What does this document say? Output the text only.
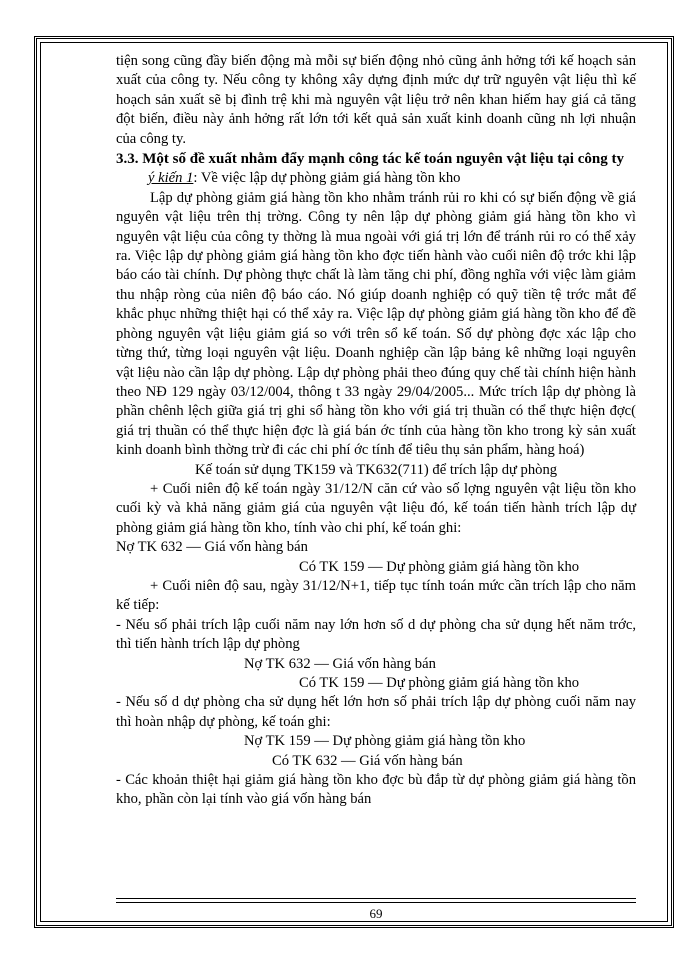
tiện song cũng đầy biến động mà mỗi sự biến động nhỏ cũng ảnh hởng tới kế hoạch sản xuất của công ty. Nếu công ty không xây dựng định mức dự trữ nguyên vật liệu thì kế hoạch sản xuất sẽ bị đình trệ khi mà nguyên vật liệu trở nên khan hiếm hay giá cả tăng đột biến, điều này ảnh hởng rất lớn tới kết quả sản xuất kinh doanh cũng nh lợi nhuận của công ty.

3.3. Một số đề xuất nhằm đẩy mạnh công tác kế toán nguyên vật liệu tại công ty

ý kiến 1: Về việc lập dự phòng giảm giá hàng tồn kho

Lập dự phòng giảm giá hàng tồn kho nhằm tránh rủi ro khi có sự biến động về giá nguyên vật liệu trên thị trờng. Công ty nên lập dự phòng giảm giá hàng tồn kho vì nguyên vật liệu của công ty thờng là mua ngoài với giá trị lớn để tránh rủi ro có thể xảy ra. Việc lập dự phòng giảm giá hàng tồn kho đợc tiến hành vào cuối niên độ trớc khi lập báo cáo tài chính. Dự phòng thực chất là làm tăng chi phí, đồng nghĩa với việc làm giảm thu nhập ròng của niên độ báo cáo. Nó giúp doanh nghiệp có quỹ tiền tệ trớc mắt để khắc phục những thiệt hại có thể xảy ra. Việc lập dự phòng giảm giá hàng tồn kho để đề phòng nguyên vật liệu giảm giá so với trên sổ kế toán. Số dự phòng đợc xác lập cho từng thứ, từng loại nguyên vật liệu. Doanh nghiệp cần lập bảng kê những loại nguyên vật liệu nào cần lập dự phòng. Lập dự phòng phải theo đúng quy chế tài chính hiện hành theo NĐ 129 ngày 03/12/004, thông t 33 ngày 29/04/2005... Mức trích lập dự phòng là phần chênh lệch giữa giá trị ghi sổ hàng tồn kho với giá trị thuần có thể thực hiện đợc( giá trị thuần có thể thực hiện đợc là giá bán ớc tính của hàng tồn kho trong kỳ sản xuất kinh doanh bình thờng trừ đi các chi phí ớc tính để tiêu thụ sản phẩm, hàng hoá)

Kế toán sử dụng TK159 và TK632(711) để trích lập dự phòng

+ Cuối niên độ kế toán ngày 31/12/N căn cứ vào số lợng nguyên vật liệu tồn kho cuối kỳ và khả năng giảm giá của nguyên vật liệu đó, kế toán tiến hành trích lập dự phòng giảm giá hàng tồn kho, tính vào chi phí, kế toán ghi:

Nợ TK 632 — Giá vốn hàng bán

Có TK 159 — Dự phòng giảm giá hàng tồn kho

+ Cuối niên độ sau, ngày 31/12/N+1, tiếp tục tính toán mức cần trích lập cho năm kế tiếp:

- Nếu số phải trích lập cuối năm nay lớn hơn số d dự phòng cha sử dụng hết năm trớc, thì tiến hành trích lập dự phòng

Nợ TK 632 — Giá vốn hàng bán

Có TK 159 — Dự phòng giảm giá hàng tồn kho

- Nếu số d dự phòng cha sử dụng hết lớn hơn số phải trích lập dự phòng cuối năm nay thì hoàn nhập dự phòng, kế toán ghi:

Nợ TK 159 — Dự phòng giảm giá hàng tồn kho

Có TK 632 — Giá vốn hàng bán

- Các khoản thiệt hại giảm giá hàng tồn kho đợc bù đắp từ dự phòng giảm giá hàng tồn kho, phần còn lại tính vào giá vốn hàng bán

69
